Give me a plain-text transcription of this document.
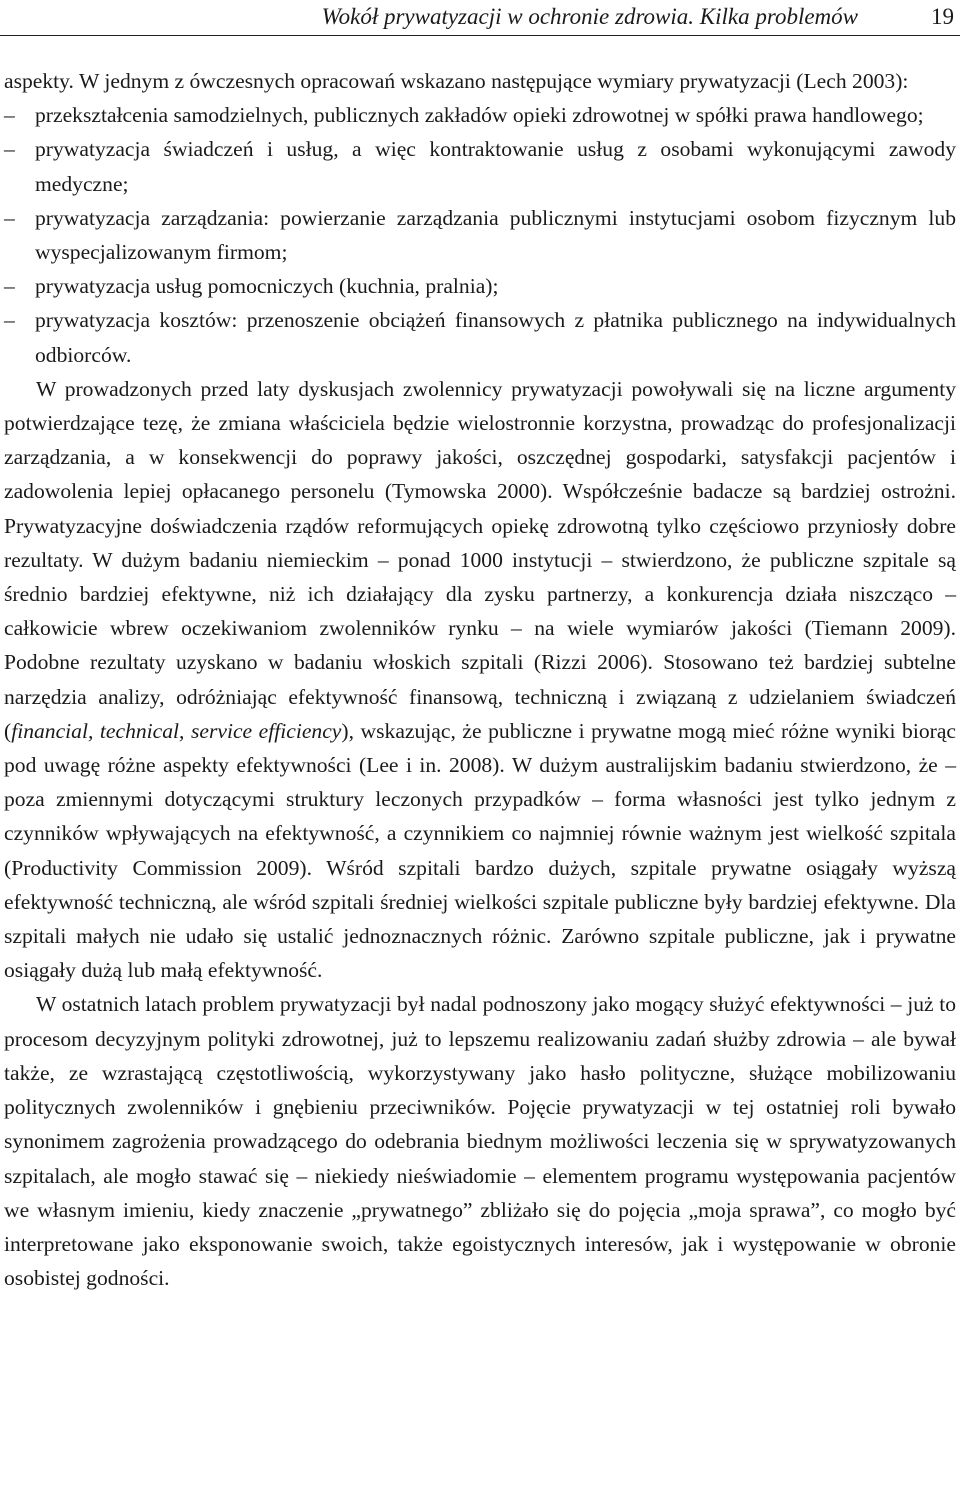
Wokół prywatyzacji w ochronie zdrowia. Kilka problemów	19

aspekty. W jednym z ówczesnych opracowań wskazano następujące wymiary prywatyzacji (Lech 2003):

– przekształcenia samodzielnych, publicznych zakładów opieki zdrowotnej w spółki prawa handlowego;
– prywatyzacja świadczeń i usług, a więc kontraktowanie usług z osobami wykonującymi zawody medyczne;
– prywatyzacja zarządzania: powierzanie zarządzania publicznymi instytucjami osobom fizycznym lub wyspecjalizowanym firmom;
– prywatyzacja usług pomocniczych (kuchnia, pralnia);
– prywatyzacja kosztów: przenoszenie obciążeń finansowych z płatnika publicznego na indywidualnych odbiorców.

W prowadzonych przed laty dyskusjach zwolennicy prywatyzacji powoływali się na liczne argumenty potwierdzające tezę, że zmiana właściciela będzie wielostronnie korzystna, prowadząc do profesjonalizacji zarządzania, a w konsekwencji do poprawy jakości, oszczędnej gospodarki, satysfakcji pacjentów i zadowolenia lepiej opłacanego personelu (Tymowska 2000). Współcześnie badacze są bardziej ostrożni. Prywatyzacyjne doświadczenia rządów reformujących opiekę zdrowotną tylko częściowo przyniosły dobre rezultaty. W dużym badaniu niemieckim – ponad 1000 instytucji – stwierdzono, że publiczne szpitale są średnio bardziej efektywne, niż ich działający dla zysku partnerzy, a konkurencja działa niszcząco – całkowicie wbrew oczekiwaniom zwolenników rynku – na wiele wymiarów jakości (Tiemann 2009). Podobne rezultaty uzyskano w badaniu włoskich szpitali (Rizzi 2006). Stosowano też bardziej subtelne narzędzia analizy, odróżniając efektywność finansową, techniczną i związaną z udzielaniem świadczeń (financial, technical, service efficiency), wskazując, że publiczne i prywatne mogą mieć różne wyniki biorąc pod uwagę różne aspekty efektywności (Lee i in. 2008). W dużym australijskim badaniu stwierdzono, że – poza zmiennymi dotyczącymi struktury leczonych przypadków – forma własności jest tylko jednym z czynników wpływających na efektywność, a czynnikiem co najmniej równie ważnym jest wielkość szpitala (Productivity Commission 2009). Wśród szpitali bardzo dużych, szpitale prywatne osiągały wyższą efektywność techniczną, ale wśród szpitali średniej wielkości szpitale publiczne były bardziej efektywne. Dla szpitali małych nie udało się ustalić jednoznacznych różnic. Zarówno szpitale publiczne, jak i prywatne osiągały dużą lub małą efektywność.

W ostatnich latach problem prywatyzacji był nadal podnoszony jako mogący służyć efektywności – już to procesom decyzyjnym polityki zdrowotnej, już to lepszemu realizowaniu zadań służby zdrowia – ale bywał także, ze wzrastającą częstotliwością, wykorzystywany jako hasło polityczne, służące mobilizowaniu politycznych zwolenników i gnębieniu przeciwników. Pojęcie prywatyzacji w tej ostatniej roli bywało synonimem zagrożenia prowadzącego do odebrania biednym możliwości leczenia się w sprywatyzowanych szpitalach, ale mogło stawać się – niekiedy nieświadomie – elementem programu występowania pacjentów we własnym imieniu, kiedy znaczenie „prywatnego” zbliżało się do pojęcia „moja sprawa”, co mogło być interpretowane jako eksponowanie swoich, także egoistycznych interesów, jak i występowanie w obronie osobistej godności.
